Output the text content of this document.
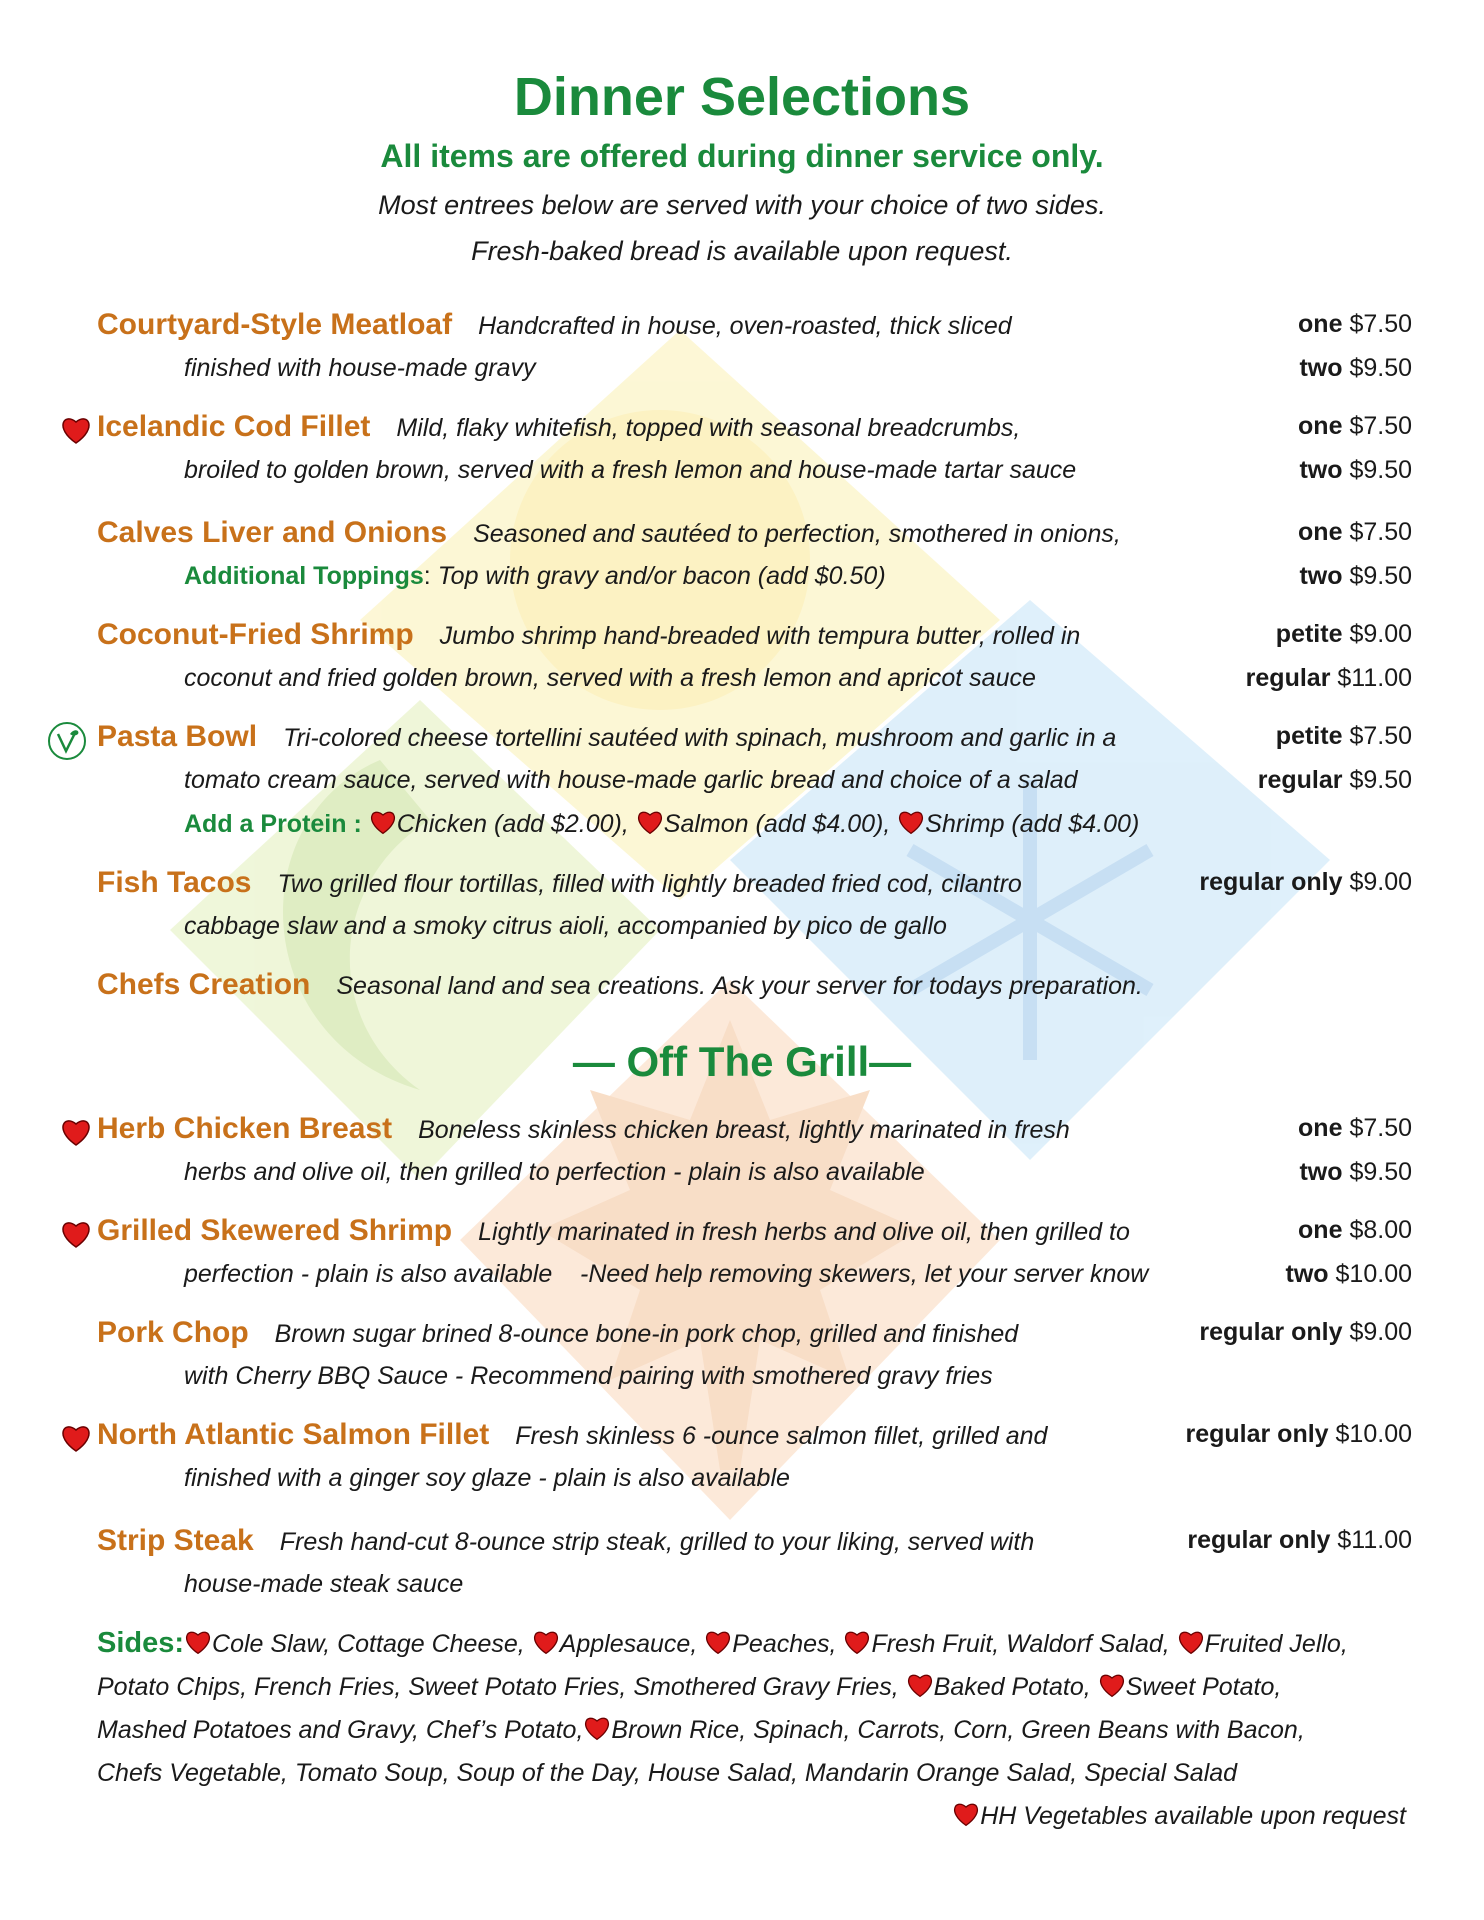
Dinner Selections
All items are offered during dinner service only.
Most entrees below are served with your choice of two sides.
Fresh-baked bread is available upon request.
Courtyard-Style Meatloaf Handcrafted in house, oven-roasted, thick sliced
finished with house-made gravy
one $7.50
two $9.50
Icelandic Cod Fillet Mild, flaky whitefish, topped with seasonal breadcrumbs,
broiled to golden brown, served with a fresh lemon and house-made tartar sauce
one $7.50
two $9.50
Calves Liver and Onions Seasoned and sautéed to perfection, smothered in onions,
Additional Toppings: Top with gravy and/or bacon (add $0.50)
one $7.50
two $9.50
Coconut-Fried Shrimp Jumbo shrimp hand-breaded with tempura butter, rolled in
coconut and fried golden brown, served with a fresh lemon and apricot sauce
petite $9.00
regular $11.00
Pasta Bowl Tri-colored cheese tortellini sautéed with spinach, mushroom and garlic in a
tomato cream sauce, served with house-made garlic bread and choice of a salad
Add a Protein : Chicken (add $2.00), Salmon (add $4.00), Shrimp (add $4.00)
petite $7.50
regular $9.50
Fish Tacos Two grilled flour tortillas, filled with lightly breaded fried cod, cilantro
cabbage slaw and a smoky citrus aioli, accompanied by pico de gallo
regular only $9.00
Chefs Creation Seasonal land and sea creations. Ask your server for todays preparation.
— Off The Grill—
Herb Chicken Breast Boneless skinless chicken breast, lightly marinated in fresh
herbs and olive oil, then grilled to perfection - plain is also available
one $7.50
two $9.50
Grilled Skewered Shrimp Lightly marinated in fresh herbs and olive oil, then grilled to
perfection - plain is also available    -Need help removing skewers, let your server know
one $8.00
two $10.00
Pork Chop Brown sugar brined 8-ounce bone-in pork chop, grilled and finished
with Cherry BBQ Sauce - Recommend pairing with smothered gravy fries
regular only $9.00
North Atlantic Salmon Fillet Fresh skinless 6 -ounce salmon fillet, grilled and
finished with a ginger soy glaze - plain is also available
regular only $10.00
Strip Steak Fresh hand-cut 8-ounce strip steak, grilled to your liking, served with
house-made steak sauce
regular only $11.00
Sides: Cole Slaw, Cottage Cheese, Applesauce, Peaches, Fresh Fruit, Waldorf Salad, Fruited Jello,
Potato Chips, French Fries, Sweet Potato Fries, Smothered Gravy Fries, Baked Potato, Sweet Potato,
Mashed Potatoes and Gravy, Chef’s Potato, Brown Rice, Spinach, Carrots, Corn, Green Beans with Bacon,
Chefs Vegetable, Tomato Soup, Soup of the Day, House Salad, Mandarin Orange Salad, Special Salad
HH Vegetables available upon request
